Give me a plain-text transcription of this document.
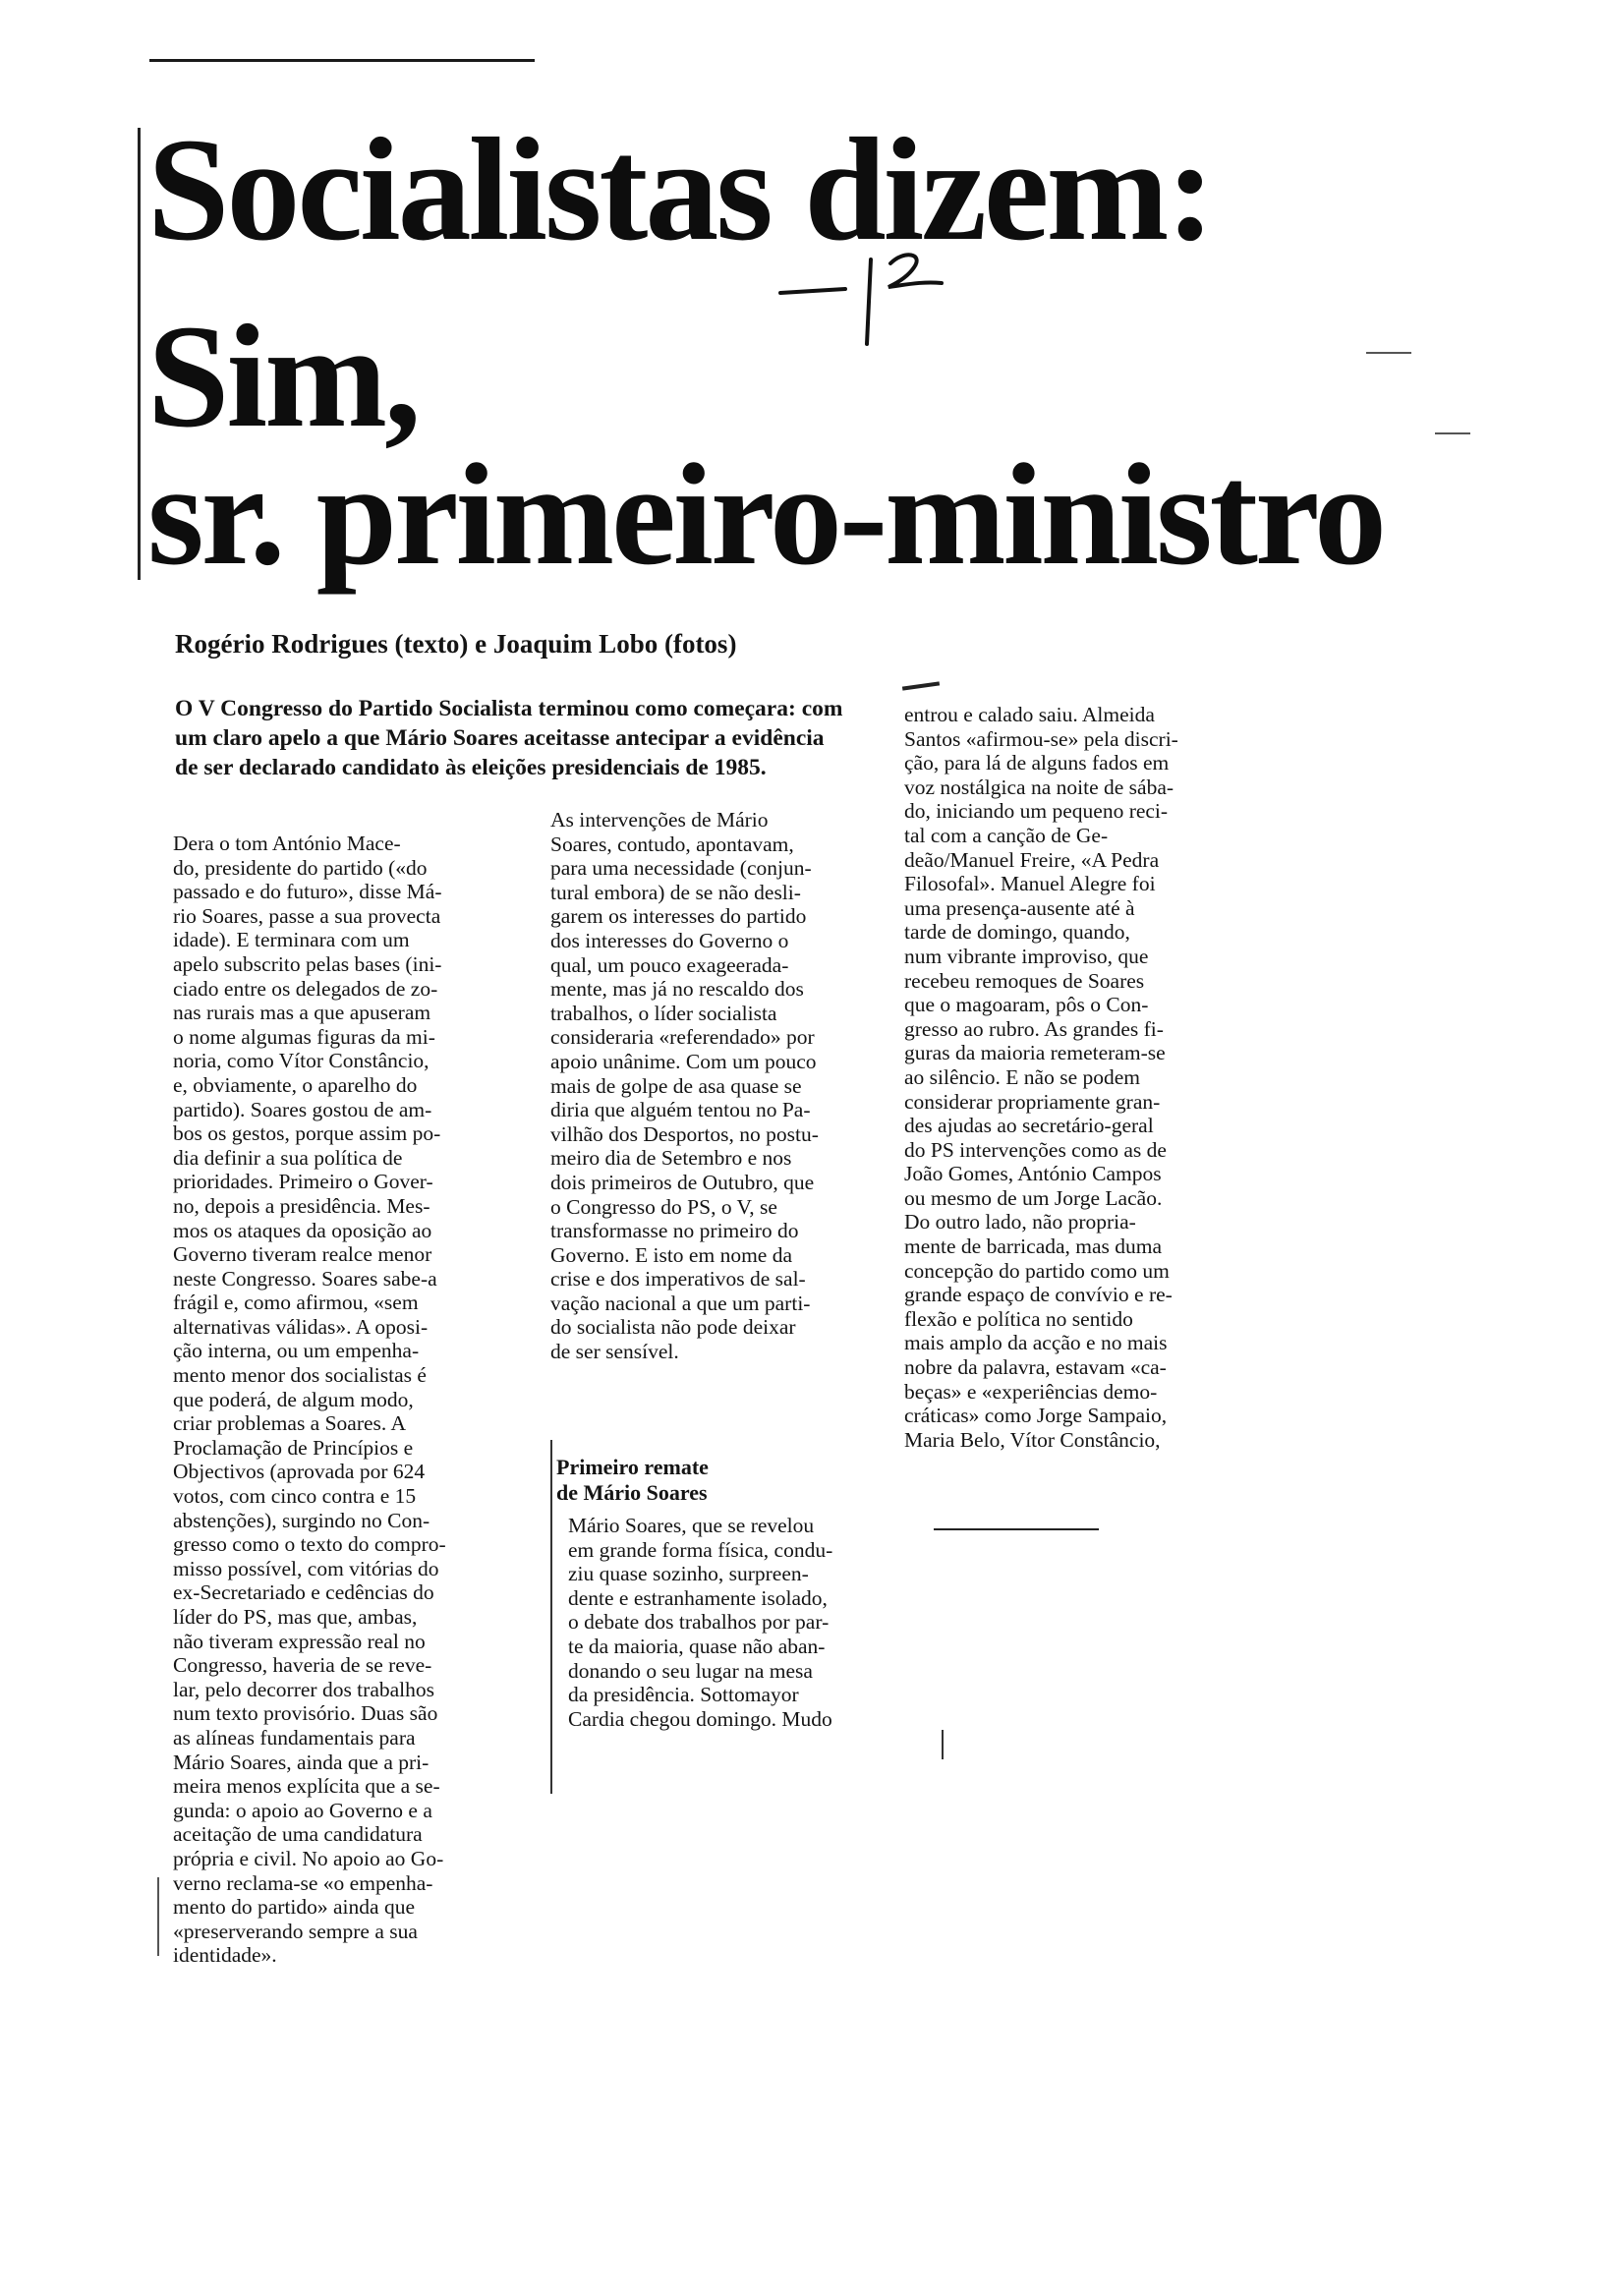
Socialistas dizem:
Sim,
sr. primeiro-ministro
Rogério Rodrigues (texto) e Joaquim Lobo (fotos)
O V Congresso do Partido Socialista terminou como começara: com um claro apelo a que Mário Soares aceitasse antecipar a evidência de ser declarado candidato às eleições presidenciais de 1985.
Dera o tom António Mace-
do, presidente do partido («do
passado e do futuro», disse Má-
rio Soares, passe a sua provecta
idade). E terminara com um
apelo subscrito pelas bases (ini-
ciado entre os delegados de zo-
nas rurais mas a que apuseram
o nome algumas figuras da mi-
noria, como Vítor Constâncio,
e, obviamente, o aparelho do
partido). Soares gostou de am-
bos os gestos, porque assim po-
dia definir a sua política de
prioridades. Primeiro o Gover-
no, depois a presidência. Mes-
mos os ataques da oposição ao
Governo tiveram realce menor
neste Congresso. Soares sabe-a
frágil e, como afirmou, «sem
alternativas válidas». A oposi-
ção interna, ou um empenha-
mento menor dos socialistas é
que poderá, de algum modo,
criar problemas a Soares. A
Proclamação de Princípios e
Objectivos (aprovada por 624
votos, com cinco contra e 15
abstenções), surgindo no Con-
gresso como o texto do compro-
misso possível, com vitórias do
ex-Secretariado e cedências do
líder do PS, mas que, ambas,
não tiveram expressão real no
Congresso, haveria de se reve-
lar, pelo decorrer dos trabalhos
num texto provisório. Duas são
as alíneas fundamentais para
Mário Soares, ainda que a pri-
meira menos explícita que a se-
gunda: o apoio ao Governo e a
aceitação de uma candidatura
própria e civil. No apoio ao Go-
verno reclama-se «o empenha-
mento do partido» ainda que
«preserverando sempre a sua
identidade».
As intervenções de Mário
Soares, contudo, apontavam,
para uma necessidade (conjun-
tural embora) de se não desli-
garem os interesses do partido
dos interesses do Governo o
qual, um pouco exageerada-
mente, mas já no rescaldo dos
trabalhos, o líder socialista
consideraria «referendado» por
apoio unânime. Com um pouco
mais de golpe de asa quase se
diria que alguém tentou no Pa-
vilhão dos Desportos, no postu-
meiro dia de Setembro e nos
dois primeiros de Outubro, que
o Congresso do PS, o V, se
transformasse no primeiro do
Governo. E isto em nome da
crise e dos imperativos de sal-
vação nacional a que um parti-
do socialista não pode deixar
de ser sensível.
Primeiro remate
de Mário Soares
Mário Soares, que se revelou
em grande forma física, condu-
ziu quase sozinho, surpreen-
dente e estranhamente isolado,
o debate dos trabalhos por par-
te da maioria, quase não aban-
donando o seu lugar na mesa
da presidência. Sottomayor
Cardia chegou domingo. Mudo
entrou e calado saiu. Almeida
Santos «afirmou-se» pela discri-
ção, para lá de alguns fados em
voz nostálgica na noite de sába-
do, iniciando um pequeno reci-
tal com a canção de Ge-
deão/Manuel Freire, «A Pedra
Filosofal». Manuel Alegre foi
uma presença-ausente até à
tarde de domingo, quando,
num vibrante improviso, que
recebeu remoques de Soares
que o magoaram, pôs o Con-
gresso ao rubro. As grandes fi-
guras da maioria remeteram-se
ao silêncio. E não se podem
considerar propriamente gran-
des ajudas ao secretário-geral
do PS intervenções como as de
João Gomes, António Campos
ou mesmo de um Jorge Lacão.
Do outro lado, não propria-
mente de barricada, mas duma
concepção do partido como um
grande espaço de convívio e re-
flexão e política no sentido
mais amplo da acção e no mais
nobre da palavra, estavam «ca-
beças» e «experiências demo-
cráticas» como Jorge Sampaio,
Maria Belo, Vítor Constâncio,
